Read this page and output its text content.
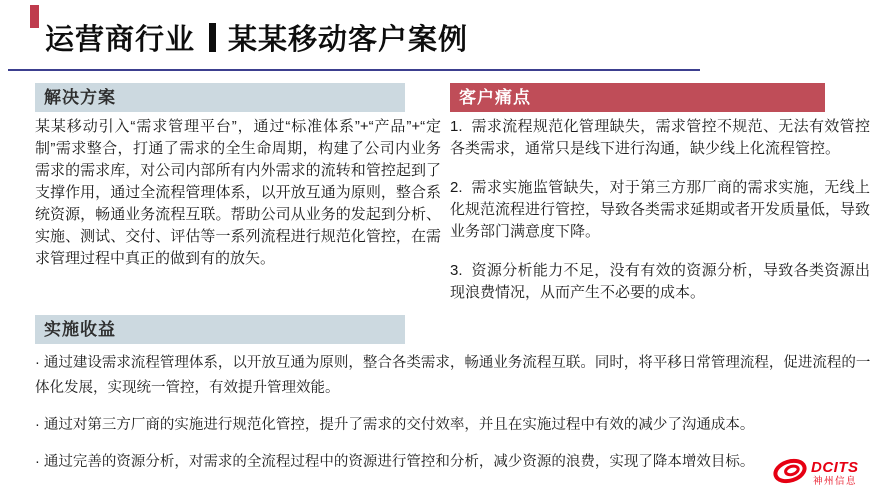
运营商行业 某某移动客户案例
解决方案

某某移动引入“需求管理平台”，通过“标准体系”+“产品”+“定制”需求整合，打通了需求的全生命周期，构建了公司内业务需求的需求库，对公司内部所有内外需求的流转和管控起到了支撑作用，通过全流程管理体系，以开放互通为原则，整合系统资源，畅通业务流程互联。帮助公司从业务的发起到分析、实施、测试、交付、评估等一系列流程进行规范化管控，在需求管理过程中真正的做到有的放矢。

客户痛点

1.  需求流程规范化管理缺失，需求管控不规范、无法有效管控各类需求，通常只是线下进行沟通，缺少线上化流程管控。

2.  需求实施监管缺失，对于第三方那厂商的需求实施，无线上化规范流程进行管控，导致各类需求延期或者开发质量低，导致业务部门满意度下降。

3.  资源分析能力不足，没有有效的资源分析，导致各类资源出现浪费情况，从而产生不必要的成本。

实施收益

· 通过建设需求流程管理体系，以开放互通为原则，整合各类需求，畅通业务流程互联。同时，将平移日常管理流程，促进流程的一体化发展，实现统一管控，有效提升管理效能。

· 通过对第三方厂商的实施进行规范化管控，提升了需求的交付效率，并且在实施过程中有效的减少了沟通成本。

· 通过完善的资源分析，对需求的全流程过程中的资源进行管控和分析，减少资源的浪费，实现了降本增效目标。	DCITS
神州信息
